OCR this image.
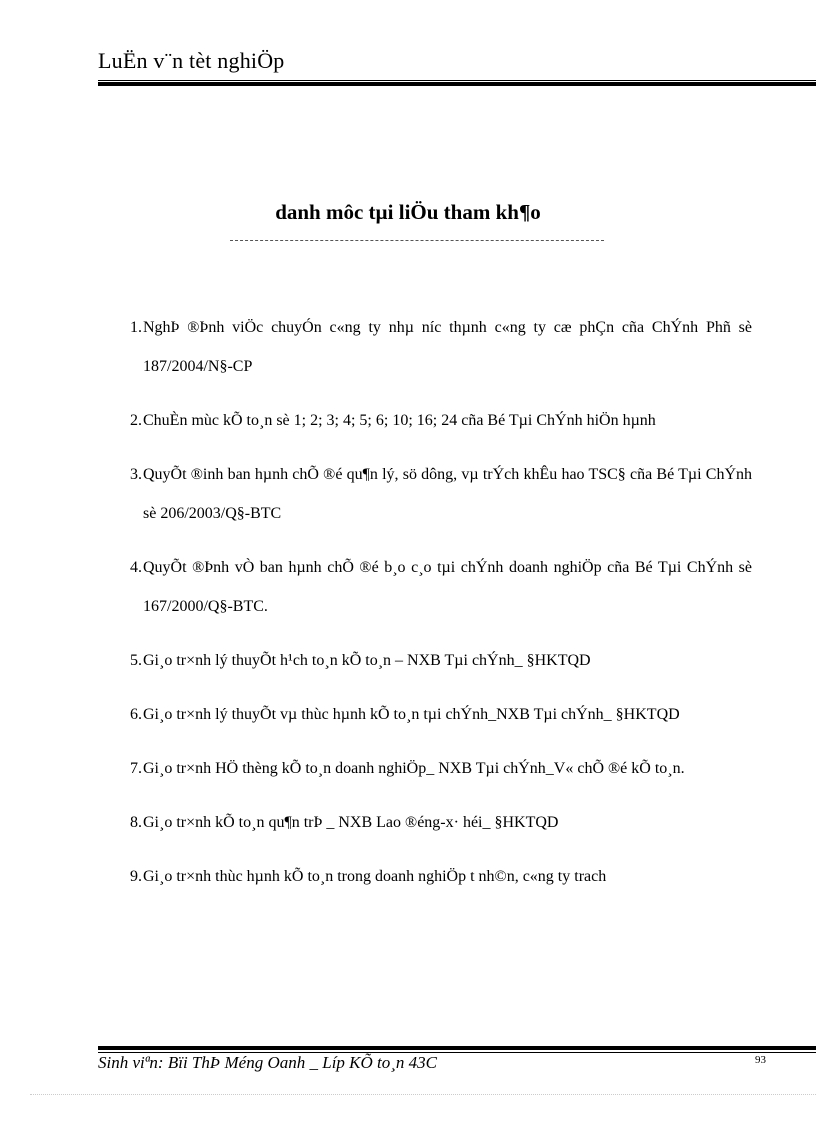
LuËn v¨n tèt nghiÖp
danh môc tµi liÖu tham kh¶o
1. NghÞ ®Þnh viÖc chuyÓn c«ng ty nhµ níc thµnh c«ng ty cæ phÇn cña ChÝnh Phñ sè 187/2004/N§-CP
2. ChuÈn mùc kÕ to¸n sè 1; 2; 3; 4; 5; 6; 10; 16; 24 cña Bé Tµi ChÝnh hiÖn hµnh
3. QuyÕt ®inh ban hµnh chÕ ®é qu¶n lý, sö dông, vµ trÝch khÊu hao TSC§ cña Bé Tµi ChÝnh sè 206/2003/Q§-BTC
4. QuyÕt ®Þnh vÒ ban hµnh chÕ ®é b¸o c¸o tµi chÝnh doanh nghiÖp cña Bé Tµi ChÝnh sè 167/2000/Q§-BTC.
5. Gi¸o tr×nh lý thuyÕt h¹ch to¸n kÕ to¸n – NXB Tµi chÝnh_ §HKTQD
6. Gi¸o tr×nh lý thuyÕt vµ thùc hµnh kÕ to¸n tµi chÝnh_NXB Tµi chÝnh_ §HKTQD
7. Gi¸o tr×nh HÖ thèng kÕ to¸n doanh nghiÖp_ NXB Tµi chÝnh_V« chÕ ®é kÕ to¸n.
8. Gi¸o tr×nh kÕ to¸n qu¶n trÞ _ NXB Lao ®éng-x· héi_ §HKTQD
9. Gi¸o tr×nh thùc hµnh kÕ to¸n trong doanh nghiÖp t nh©n, c«ng ty trach
Sinh viªn: Bïi ThÞ Méng Oanh _ Líp KÕ to¸n 43C	93
